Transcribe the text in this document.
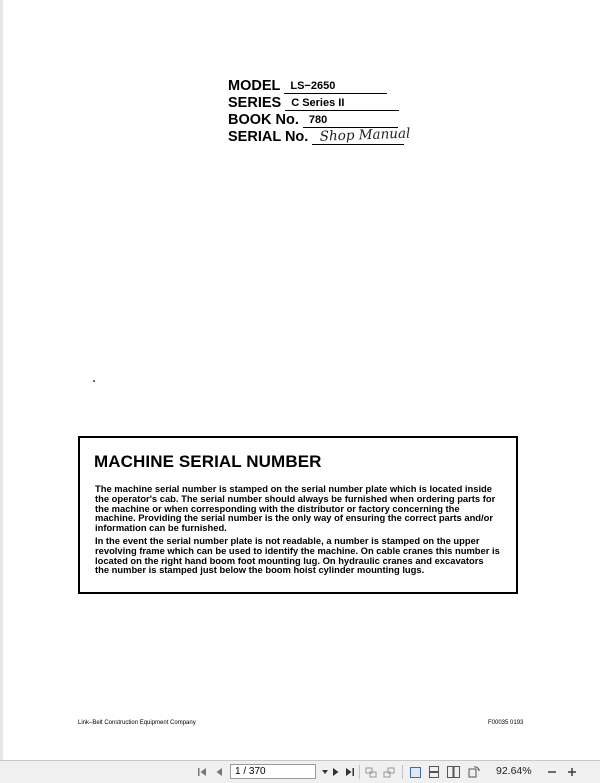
MODEL LS−2650
SERIES C Series II
BOOK No. 780
SERIAL No. Shop Manual
MACHINE SERIAL NUMBER

The machine serial number is stamped on the serial number plate which is located inside the operator's cab. The serial number should always be furnished when ordering parts for the machine or when corresponding with the distributor or factory concerning the machine. Providing the serial number is the only way of ensuring the correct parts and/or information can be furnished.

In the event the serial number plate is not readable, a number is stamped on the upper revolving frame which can be used to identify the machine. On cable cranes this number is located on the right hand boom foot mounting lug. On hydraulic cranes and excavators the number is stamped just below the boom hoist cylinder mounting lugs.

Link–Belt Construction Equipment Company	F00035 0193
1 / 370	92.64%
